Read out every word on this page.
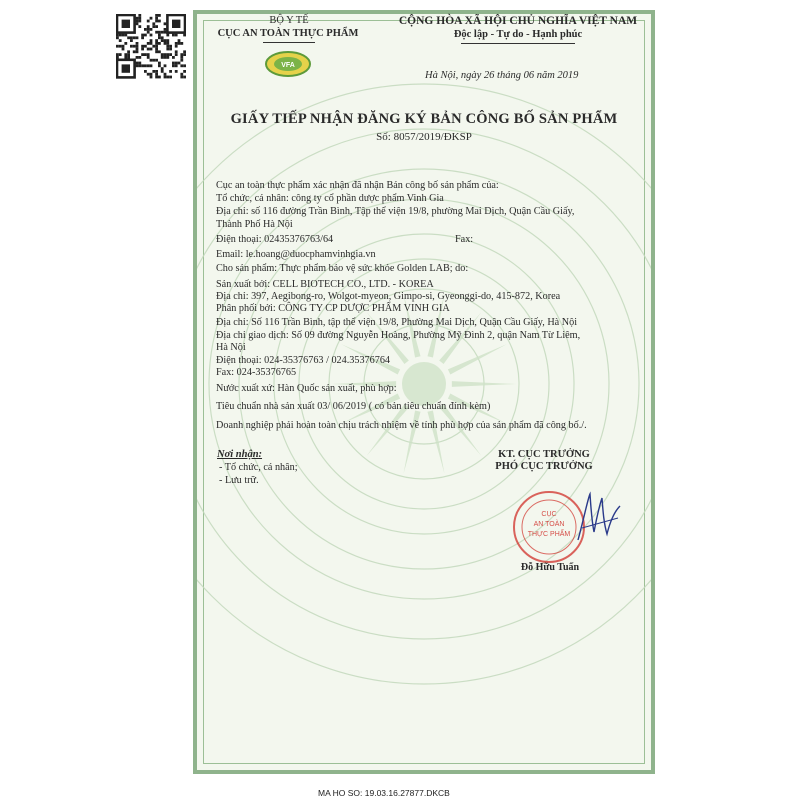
BỘ Y TẾ
CỤC AN TOÀN THỰC PHẨM
VFA
CỘNG HÒA XÃ HỘI CHỦ NGHĨA VIỆT NAM
Độc lập - Tự do - Hạnh phúc
Hà Nội, ngày 26 tháng 06 năm 2019
GIẤY TIẾP NHẬN ĐĂNG KÝ BẢN CÔNG BỐ SẢN PHẨM
Số: 8057/2019/ĐKSP
Cục an toàn thực phẩm xác nhận đã nhận Bản công bố sản phẩm của:
Tổ chức, cá nhân: công ty cổ phần dược phẩm Vinh Gia
Địa chỉ: số 116 đường Trần Bình, Tập thể viện 19/8, phường Mai Dịch, Quận Cầu Giấy,
Thành Phố Hà Nội
Điện thoại: 02435376763/64	Fax:
Email: le.hoang@duocphamvinhgia.vn
Cho sản phẩm: Thực phẩm bảo vệ sức khỏe Golden LAB; do:
Sản xuất bởi: CELL BIOTECH CO., LTD. - KOREA
Địa chỉ: 397, Aegibong-ro, Wolgot-myeon, Gimpo-si, Gyeonggi-do, 415-872, Korea
Phân phối bởi: CÔNG TY CP DƯỢC PHẨM VINH GIA
Địa chỉ: Số 116 Trần Bình, tập thể viện 19/8, Phường Mai Dịch, Quận Cầu Giấy, Hà Nội
Địa chỉ giao dịch: Số 09 đường Nguyễn Hoàng, Phường Mỹ Đình 2, quận Nam Từ Liêm,
Hà Nội
Điện thoại: 024-35376763 / 024.35376764
Fax: 024-35376765
Nước xuất xứ: Hàn Quốc sản xuất, phù hợp:
Tiêu chuẩn nhà sản xuất 03/ 06/2019 ( có bản tiêu chuẩn đính kèm)
Doanh nghiệp phải hoàn toàn chịu trách nhiệm về tính phù hợp của sản phẩm đã công bố./.
Nơi nhận:
- Tổ chức, cá nhân;
- Lưu trữ.
KT. CỤC TRƯỞNG
PHÓ CỤC TRƯỞNG
CỤC
AN TOÀN
THỰC PHẨM
Đỗ Hữu Tuấn
MA HO SO: 19.03.16.27877.DKCB
